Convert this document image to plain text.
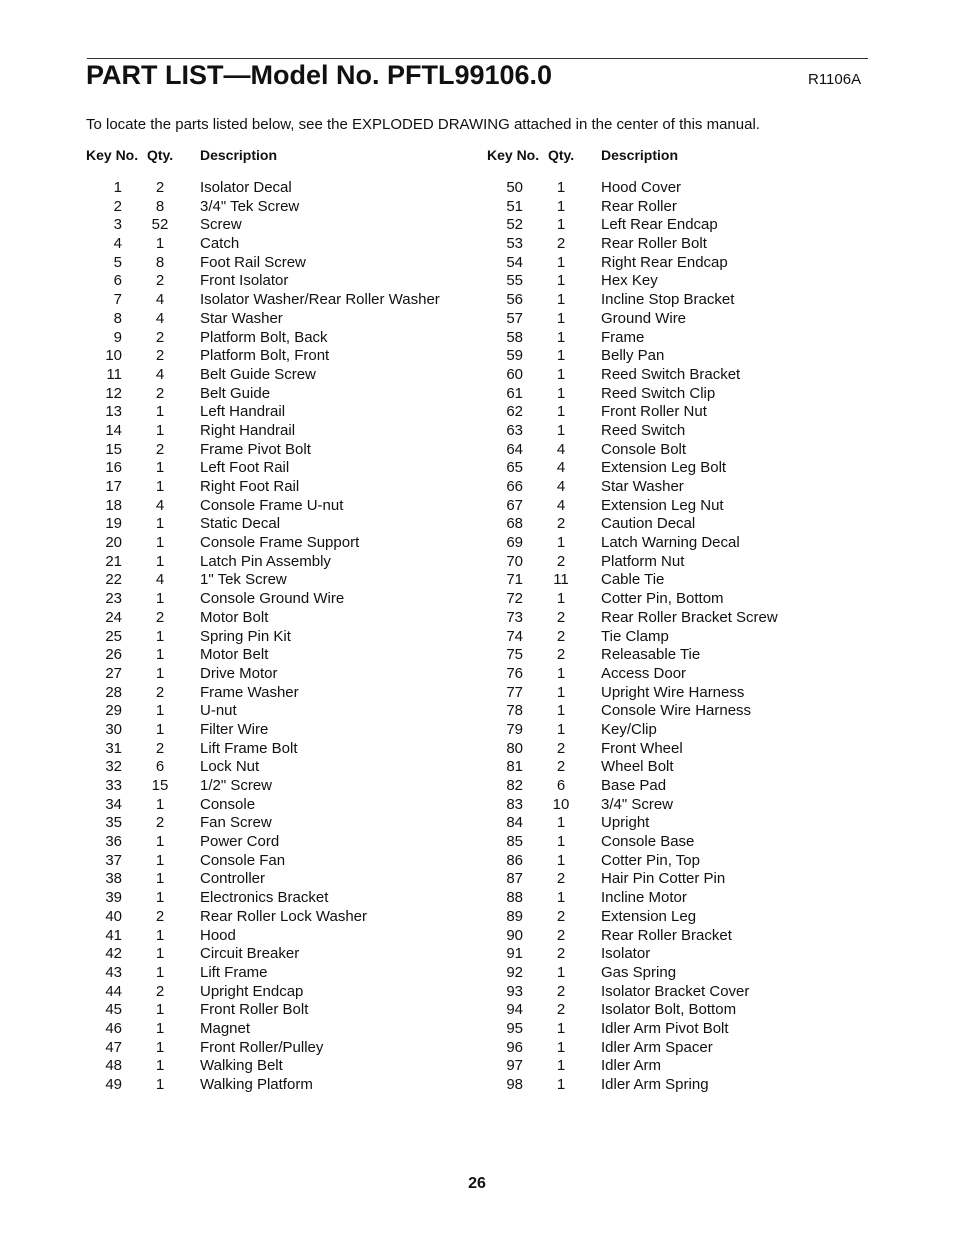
PART LIST—Model No. PFTL99106.0	R1106A
To locate the parts listed below, see the EXPLODED DRAWING attached in the center of this manual.
Key No. Qty. Description
1	2	Isolator Decal
2	8	3/4" Tek Screw
3	52	Screw
4	1	Catch
5	8	Foot Rail Screw
6	2	Front Isolator
7	4	Isolator Washer/Rear Roller Washer
8	4	Star Washer
9	2	Platform Bolt, Back
10	2	Platform Bolt, Front
11	4	Belt Guide Screw
12	2	Belt Guide
13	1	Left Handrail
14	1	Right Handrail
15	2	Frame Pivot Bolt
16	1	Left Foot Rail
17	1	Right Foot Rail
18	4	Console Frame U-nut
19	1	Static Decal
20	1	Console Frame Support
21	1	Latch Pin Assembly
22	4	1" Tek Screw
23	1	Console Ground Wire
24	2	Motor Bolt
25	1	Spring Pin Kit
26	1	Motor Belt
27	1	Drive Motor
28	2	Frame Washer
29	1	U-nut
30	1	Filter Wire
31	2	Lift Frame Bolt
32	6	Lock Nut
33	15	1/2" Screw
34	1	Console
35	2	Fan Screw
36	1	Power Cord
37	1	Console Fan
38	1	Controller
39	1	Electronics Bracket
40	2	Rear Roller Lock Washer
41	1	Hood
42	1	Circuit Breaker
43	1	Lift Frame
44	2	Upright Endcap
45	1	Front Roller Bolt
46	1	Magnet
47	1	Front Roller/Pulley
48	1	Walking Belt
49	1	Walking Platform
Key No. Qty. Description
50	1	Hood Cover
51	1	Rear Roller
52	1	Left Rear Endcap
53	2	Rear Roller Bolt
54	1	Right Rear Endcap
55	1	Hex Key
56	1	Incline Stop Bracket
57	1	Ground Wire
58	1	Frame
59	1	Belly Pan
60	1	Reed Switch Bracket
61	1	Reed Switch Clip
62	1	Front Roller Nut
63	1	Reed Switch
64	4	Console Bolt
65	4	Extension Leg Bolt
66	4	Star Washer
67	4	Extension Leg Nut
68	2	Caution Decal
69	1	Latch Warning Decal
70	2	Platform Nut
71	11	Cable Tie
72	1	Cotter Pin, Bottom
73	2	Rear Roller Bracket Screw
74	2	Tie Clamp
75	2	Releasable Tie
76	1	Access Door
77	1	Upright Wire Harness
78	1	Console Wire Harness
79	1	Key/Clip
80	2	Front Wheel
81	2	Wheel Bolt
82	6	Base Pad
83	10	3/4" Screw
84	1	Upright
85	1	Console Base
86	1	Cotter Pin, Top
87	2	Hair Pin Cotter Pin
88	1	Incline Motor
89	2	Extension Leg
90	2	Rear Roller Bracket
91	2	Isolator
92	1	Gas Spring
93	2	Isolator Bracket Cover
94	2	Isolator Bolt, Bottom
95	1	Idler Arm Pivot Bolt
96	1	Idler Arm Spacer
97	1	Idler Arm
98	1	Idler Arm Spring
26
